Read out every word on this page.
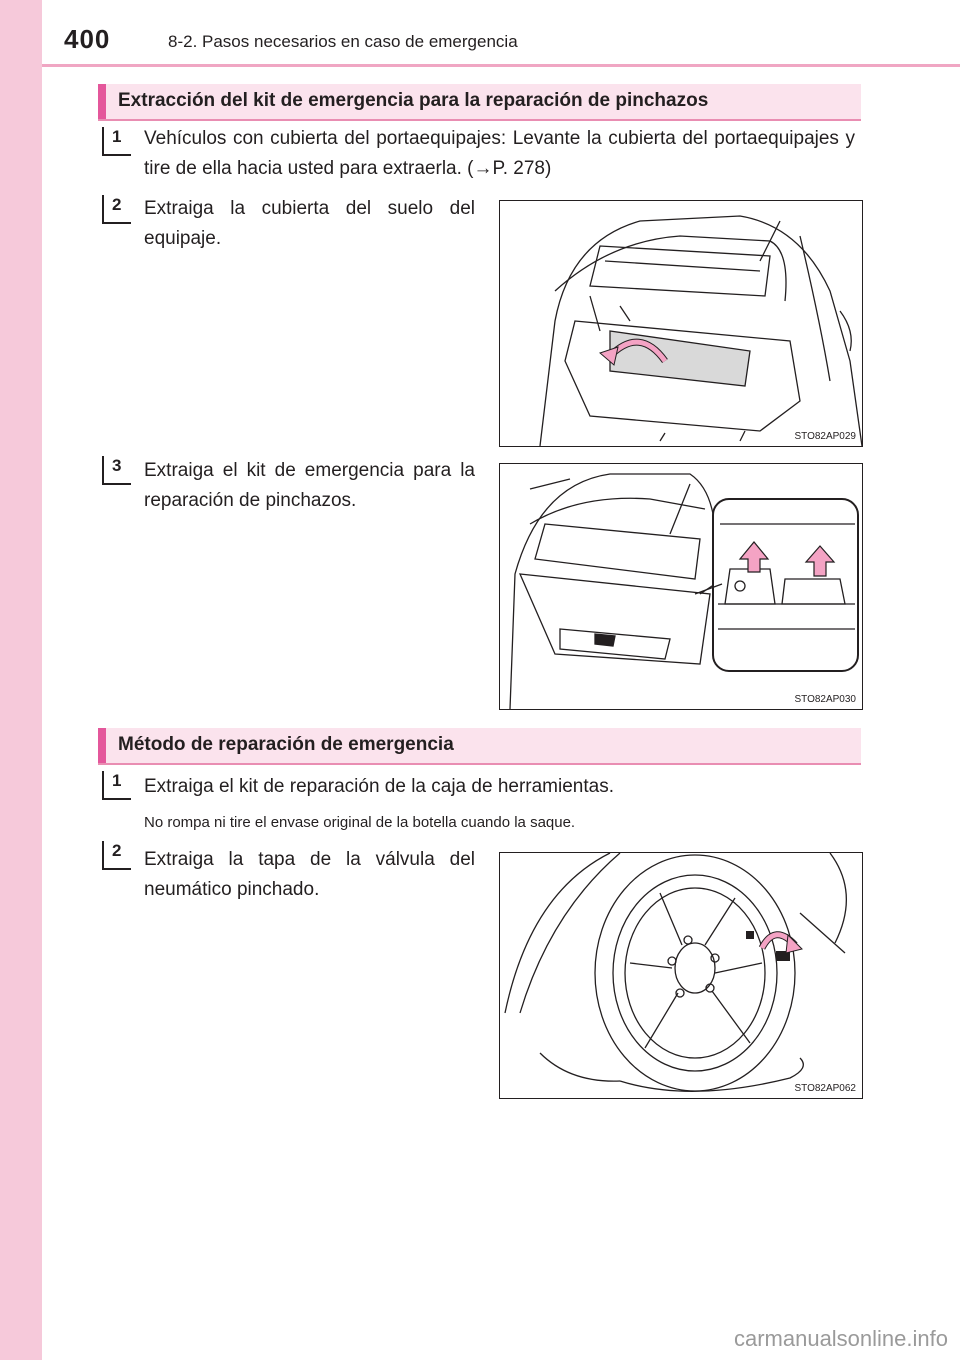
400	8-2. Pasos necesarios en caso de emergencia
Extracción del kit de emergencia para la reparación de pinchazos
1 Vehículos con cubierta del portaequipajes: Levante la cubierta del portaequipajes y tire de ella hacia usted para extraerla. (→P. 278)
2 Extraiga la cubierta del suelo del equipaje.
STO82AP029
3 Extraiga el kit de emergencia para la reparación de pinchazos.
STO82AP030
Método de reparación de emergencia
1 Extraiga el kit de reparación de la caja de herramientas.
No rompa ni tire el envase original de la botella cuando la saque.
2 Extraiga la tapa de la válvula del neumático pinchado.
STO82AP062
carmanualsonline.info
